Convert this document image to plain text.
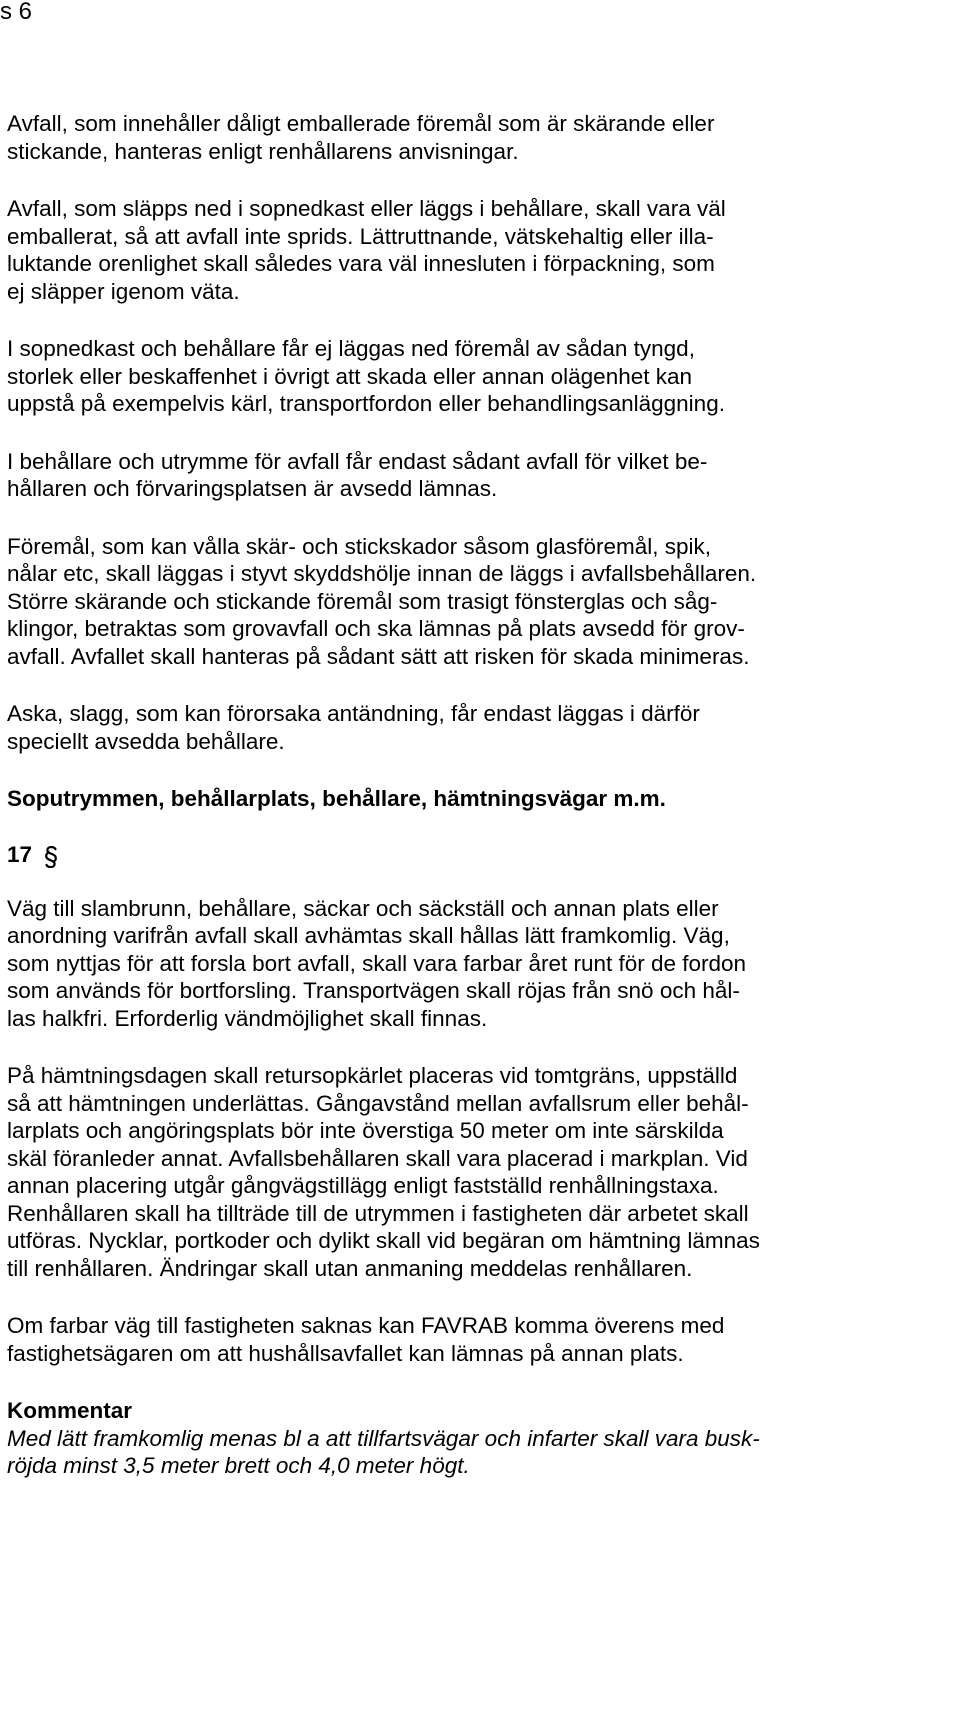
s 6
Avfall, som innehåller dåligt emballerade föremål som är skärande eller
stickande, hanteras enligt renhållarens anvisningar.
Avfall, som släpps ned i sopnedkast eller läggs i behållare, skall vara väl
emballerat, så att avfall inte sprids. Lättruttnande, vätskehaltig eller illa-
luktande orenlighet skall således vara väl innesluten i förpackning, som
ej släpper igenom väta.
I sopnedkast och behållare får ej läggas ned föremål av sådan tyngd,
storlek eller beskaffenhet i övrigt att skada eller annan olägenhet kan
uppstå på exempelvis kärl, transportfordon eller behandlingsanläggning.
I behållare och utrymme för avfall får endast sådant avfall för vilket be-
hållaren och förvaringsplatsen är avsedd lämnas.
Föremål, som kan vålla skär- och stickskador såsom glasföremål, spik,
nålar etc, skall läggas i styvt skyddshölje innan de läggs i avfallsbehållaren.
Större skärande och stickande föremål som trasigt fönsterglas och såg-
klingor, betraktas som grovavfall och ska lämnas på plats avsedd för grov-
avfall. Avfallet skall hanteras på sådant sätt att risken för skada minimeras.
Aska, slagg, som kan förorsaka antändning, får endast läggas i därför
speciellt avsedda behållare.
Soputrymmen, behållarplats, behållare, hämtningsvägar m.m.
17
Väg till slambrunn, behållare, säckar och säckställ och annan plats eller
anordning varifrån avfall skall avhämtas skall hållas lätt framkomlig. Väg,
som nyttjas för att forsla bort avfall, skall vara farbar året runt för de fordon
som används för bortforsling. Transportvägen skall röjas från snö och hål-
las halkfri. Erforderlig vändmöjlighet skall finnas.
På hämtningsdagen skall retursopkärlet placeras vid tomtgräns, uppställd
så att hämtningen underlättas. Gångavstånd mellan avfallsrum eller behål-
larplats och angöringsplats bör inte överstiga 50 meter om inte särskilda
skäl föranleder annat. Avfallsbehållaren skall vara placerad i markplan. Vid
annan placering utgår gångvägstillägg enligt fastställd renhållningstaxa.
Renhållaren skall ha tillträde till de utrymmen i fastigheten där arbetet skall
utföras. Nycklar, portkoder och dylikt skall vid begäran om hämtning lämnas
till renhållaren. Ändringar skall utan anmaning meddelas renhållaren.
Om farbar väg till fastigheten saknas kan FAVRAB komma överens med
fastighetsägaren om att hushållsavfallet kan lämnas på annan plats.
Kommentar
Med lätt framkomlig menas bl a att tillfartsvägar och infarter skall vara busk-
röjda minst 3,5 meter brett och 4,0 meter högt.
